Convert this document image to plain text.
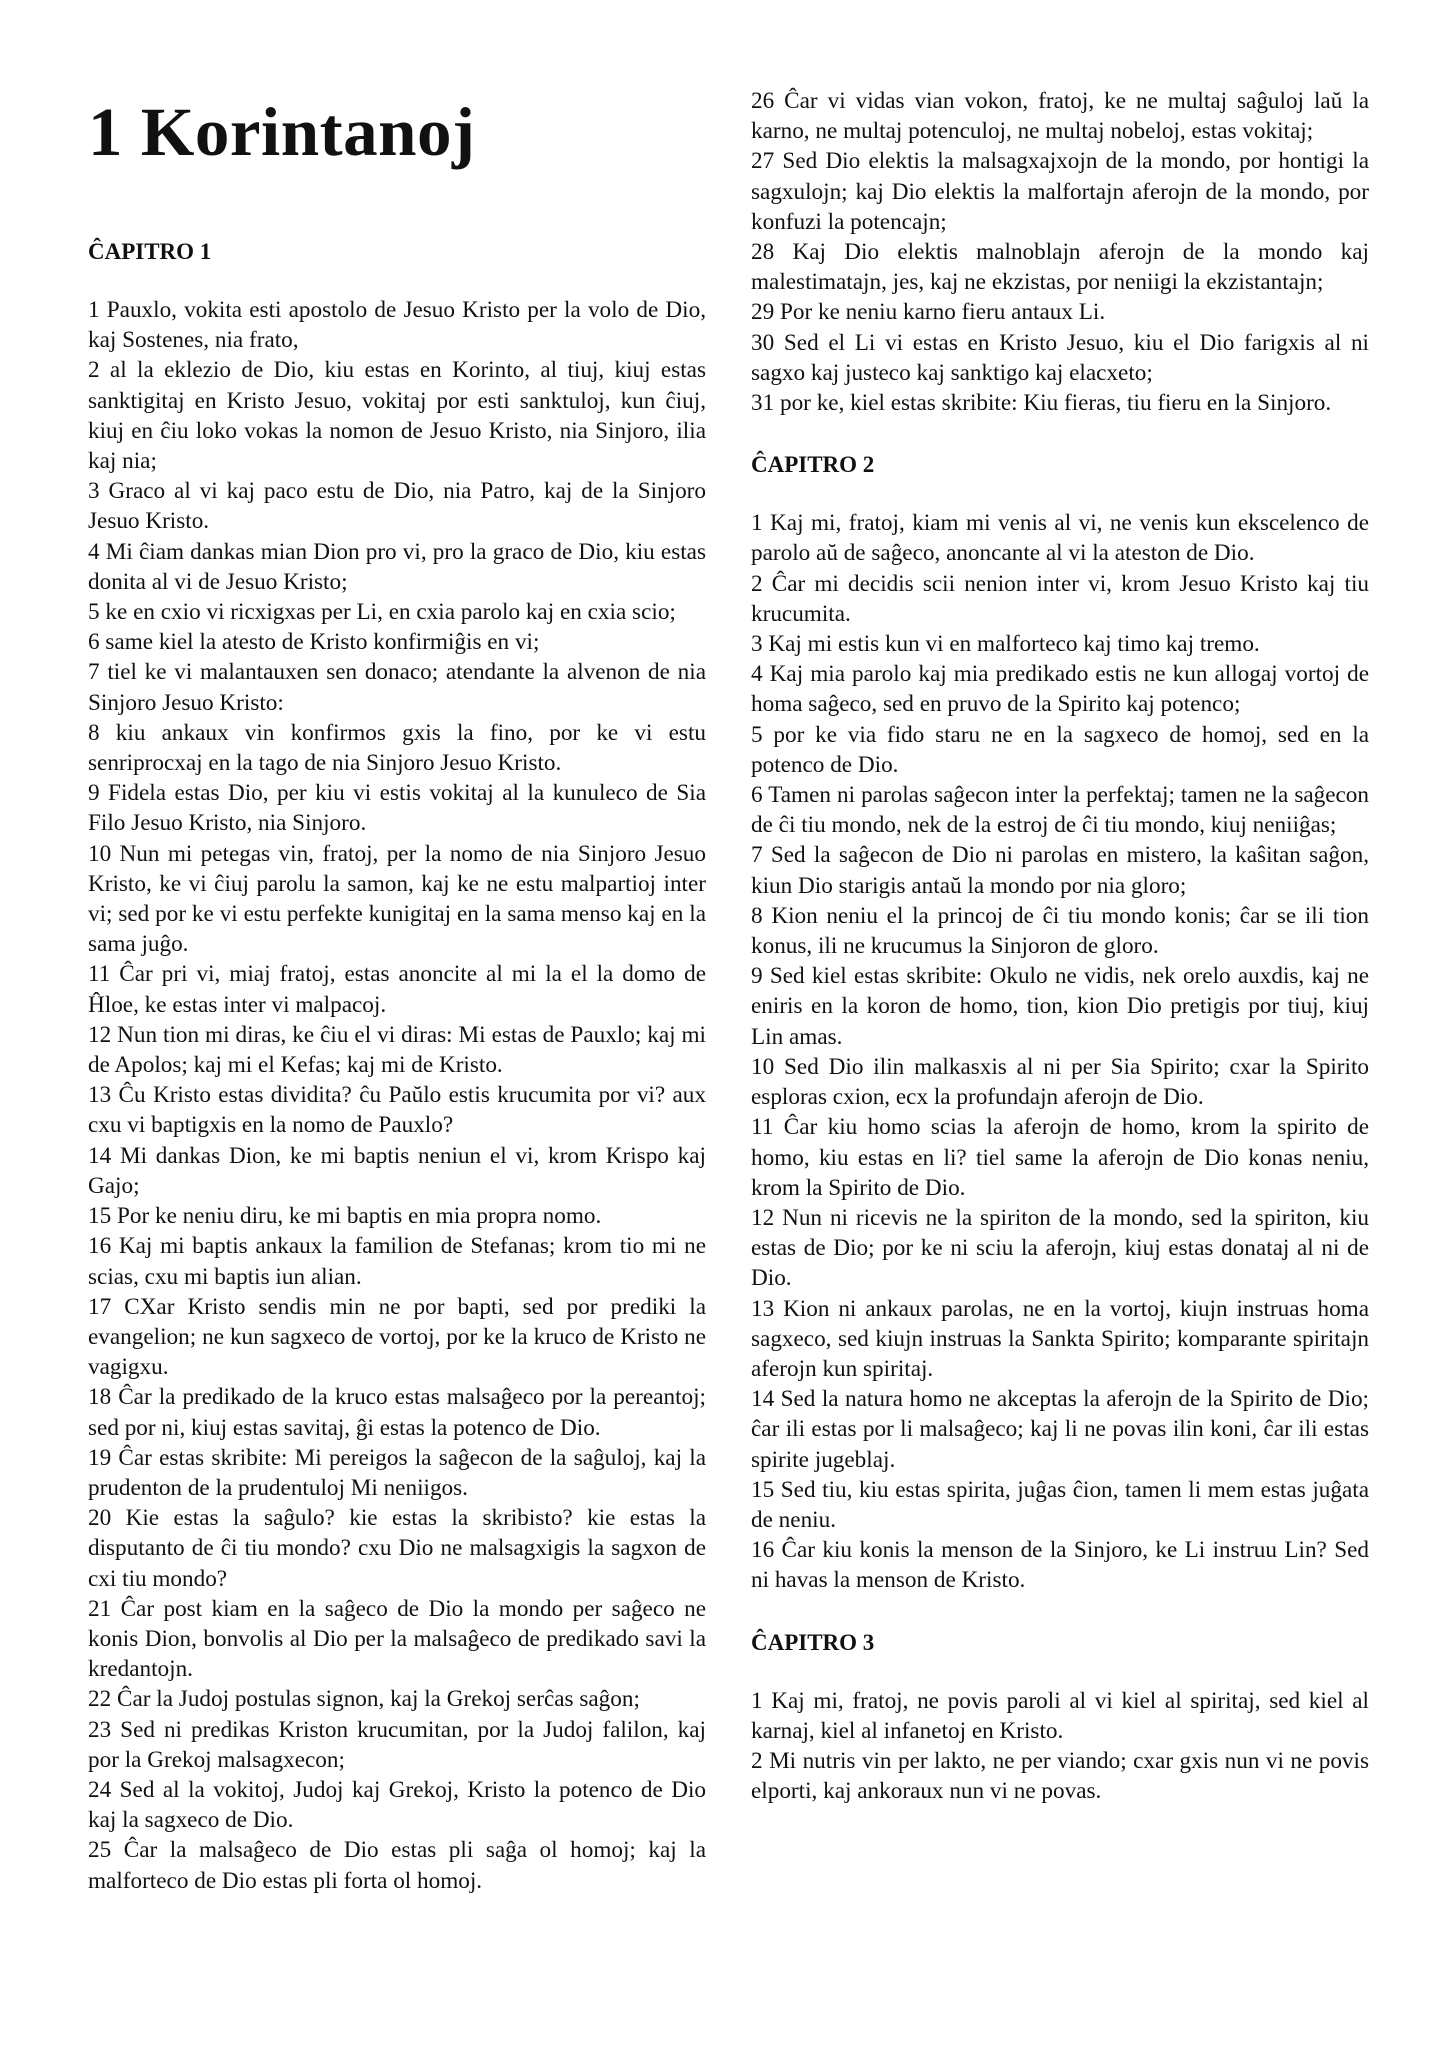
1 Korintanoj
ĈAPITRO 1

1 Pauxlo, vokita esti apostolo de Jesuo Kristo per la volo de Dio, kaj Sostenes, nia frato,

2 al la eklezio de Dio, kiu estas en Korinto, al tiuj, kiuj estas sanktigitaj en Kristo Jesuo, vokitaj por esti sanktuloj, kun ĉiuj, kiuj en ĉiu loko vokas la nomon de Jesuo Kristo, nia Sinjoro, ilia kaj nia;

3 Graco al vi kaj paco estu de Dio, nia Patro, kaj de la Sinjoro Jesuo Kristo.

4 Mi ĉiam dankas mian Dion pro vi, pro la graco de Dio, kiu estas donita al vi de Jesuo Kristo;

5 ke en cxio vi ricxigxas per Li, en cxia parolo kaj en cxia scio;

6 same kiel la atesto de Kristo konfirmiĝis en vi;

7 tiel ke vi malantauxen sen donaco; atendante la alvenon de nia Sinjoro Jesuo Kristo:

8 kiu ankaux vin konfirmos gxis la fino, por ke vi estu senriprocxaj en la tago de nia Sinjoro Jesuo Kristo.

9 Fidela estas Dio, per kiu vi estis vokitaj al la kunuleco de Sia Filo Jesuo Kristo, nia Sinjoro.

10 Nun mi petegas vin, fratoj, per la nomo de nia Sinjoro Jesuo Kristo, ke vi ĉiuj parolu la samon, kaj ke ne estu malpartioj inter vi; sed por ke vi estu perfekte kunigitaj en la sama menso kaj en la sama juĝo.

11 Ĉar pri vi, miaj fratoj, estas anoncite al mi la el la domo de Ĥloe, ke estas inter vi malpacoj.

12 Nun tion mi diras, ke ĉiu el vi diras: Mi estas de Pauxlo; kaj mi de Apolos; kaj mi el Kefas; kaj mi de Kristo.

13 Ĉu Kristo estas dividita? ĉu Paŭlo estis krucumita por vi? aux cxu vi baptigxis en la nomo de Pauxlo?

14 Mi dankas Dion, ke mi baptis neniun el vi, krom Krispo kaj Gajo;

15 Por ke neniu diru, ke mi baptis en mia propra nomo.

16 Kaj mi baptis ankaux la familion de Stefanas; krom tio mi ne scias, cxu mi baptis iun alian.

17 CXar Kristo sendis min ne por bapti, sed por prediki la evangelion; ne kun sagxeco de vortoj, por ke la kruco de Kristo ne vagigxu.

18 Ĉar la predikado de la kruco estas malsaĝeco por la pereantoj; sed por ni, kiuj estas savitaj, ĝi estas la potenco de Dio.

19 Ĉar estas skribite: Mi pereigos la saĝecon de la saĝuloj, kaj la prudenton de la prudentuloj Mi neniigos.

20 Kie estas la saĝulo? kie estas la skribisto? kie estas la disputanto de ĉi tiu mondo? cxu Dio ne malsagxigis la sagxon de cxi tiu mondo?

21 Ĉar post kiam en la saĝeco de Dio la mondo per saĝeco ne konis Dion, bonvolis al Dio per la malsaĝeco de predikado savi la kredantojn.

22 Ĉar la Judoj postulas signon, kaj la Grekoj serĉas saĝon;

23 Sed ni predikas Kriston krucumitan, por la Judoj falilon, kaj por la Grekoj malsagxecon;

24 Sed al la vokitoj, Judoj kaj Grekoj, Kristo la potenco de Dio kaj la sagxeco de Dio.

25 Ĉar la malsaĝeco de Dio estas pli saĝa ol homoj; kaj la malforteco de Dio estas pli forta ol homoj.

26 Ĉar vi vidas vian vokon, fratoj, ke ne multaj saĝuloj laŭ la karno, ne multaj potenculoj, ne multaj nobeloj, estas vokitaj;

27 Sed Dio elektis la malsagxajxojn de la mondo, por hontigi la sagxulojn; kaj Dio elektis la malfortajn aferojn de la mondo, por konfuzi la potencajn;

28 Kaj Dio elektis malnoblajn aferojn de la mondo kaj malestimatajn, jes, kaj ne ekzistas, por neniigi la ekzistantajn;

29 Por ke neniu karno fieru antaux Li.

30 Sed el Li vi estas en Kristo Jesuo, kiu el Dio farigxis al ni sagxo kaj justeco kaj sanktigo kaj elacxeto;

31 por ke, kiel estas skribite: Kiu fieras, tiu fieru en la Sinjoro.

ĈAPITRO 2

1 Kaj mi, fratoj, kiam mi venis al vi, ne venis kun ekscelenco de parolo aŭ de saĝeco, anoncante al vi la ateston de Dio.

2 Ĉar mi decidis scii nenion inter vi, krom Jesuo Kristo kaj tiu krucumita.

3 Kaj mi estis kun vi en malforteco kaj timo kaj tremo.

4 Kaj mia parolo kaj mia predikado estis ne kun allogaj vortoj de homa saĝeco, sed en pruvo de la Spirito kaj potenco;

5 por ke via fido staru ne en la sagxeco de homoj, sed en la potenco de Dio.

6 Tamen ni parolas saĝecon inter la perfektaj; tamen ne la saĝecon de ĉi tiu mondo, nek de la estroj de ĉi tiu mondo, kiuj neniiĝas;

7 Sed la saĝecon de Dio ni parolas en mistero, la kaŝitan saĝon, kiun Dio starigis antaŭ la mondo por nia gloro;

8 Kion neniu el la princoj de ĉi tiu mondo konis; ĉar se ili tion konus, ili ne krucumus la Sinjoron de gloro.

9 Sed kiel estas skribite: Okulo ne vidis, nek orelo auxdis, kaj ne eniris en la koron de homo, tion, kion Dio pretigis por tiuj, kiuj Lin amas.

10 Sed Dio ilin malkasxis al ni per Sia Spirito; cxar la Spirito esploras cxion, ecx la profundajn aferojn de Dio.

11 Ĉar kiu homo scias la aferojn de homo, krom la spirito de homo, kiu estas en li? tiel same la aferojn de Dio konas neniu, krom la Spirito de Dio.

12 Nun ni ricevis ne la spiriton de la mondo, sed la spiriton, kiu estas de Dio; por ke ni sciu la aferojn, kiuj estas donataj al ni de Dio.

13 Kion ni ankaux parolas, ne en la vortoj, kiujn instruas homa sagxeco, sed kiujn instruas la Sankta Spirito; komparante spiritajn aferojn kun spiritaj.

14 Sed la natura homo ne akceptas la aferojn de la Spirito de Dio; ĉar ili estas por li malsaĝeco; kaj li ne povas ilin koni, ĉar ili estas spirite jugeblaj.

15 Sed tiu, kiu estas spirita, juĝas ĉion, tamen li mem estas juĝata de neniu.

16 Ĉar kiu konis la menson de la Sinjoro, ke Li instruu Lin? Sed ni havas la menson de Kristo.

ĈAPITRO 3

1 Kaj mi, fratoj, ne povis paroli al vi kiel al spiritaj, sed kiel al karnaj, kiel al infanetoj en Kristo.

2 Mi nutris vin per lakto, ne per viando; cxar gxis nun vi ne povis elporti, kaj ankoraux nun vi ne povas.
